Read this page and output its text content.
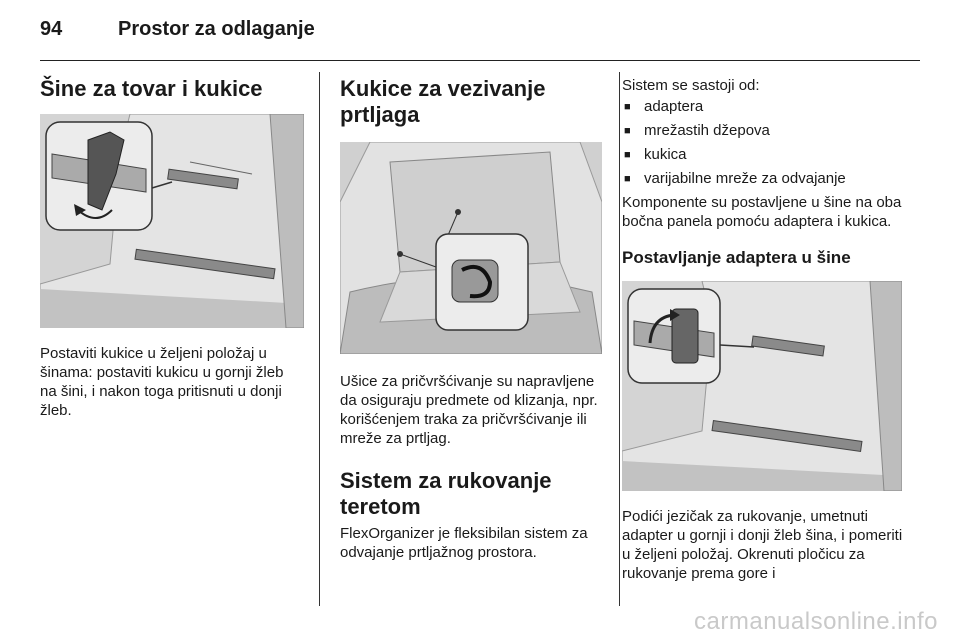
94	Prostor za odlaganje
Šine za tovar i kukice

Postaviti kukice u željeni položaj u šinama: postaviti kukicu u gornji žleb na šini, i nakon toga pritisnuti u donji žleb.

Kukice za vezivanje prtljaga

Ušice za pričvršćivanje su napravljene da osiguraju predmete od klizanja, npr. korišćenjem traka za pričvršćivanje ili mreže za prtljag.

Sistem za rukovanje teretom

FlexOrganizer je fleksibilan sistem za odvajanje prtljažnog prostora.

Sistem se sastoji od:

■ adaptera
■ mrežastih džepova
■ kukica
■ varijabilne mreže za odvajanje

Komponente su postavljene u šine na oba bočna panela pomoću adaptera i kukica.

Postavljanje adaptera u šine

Podići jezičak za rukovanje, umetnuti adapter u gornji i donji žleb šina, i pomeriti u željeni položaj. Okrenuti pločicu za rukovanje prema gore i

carmanualsonline.info
